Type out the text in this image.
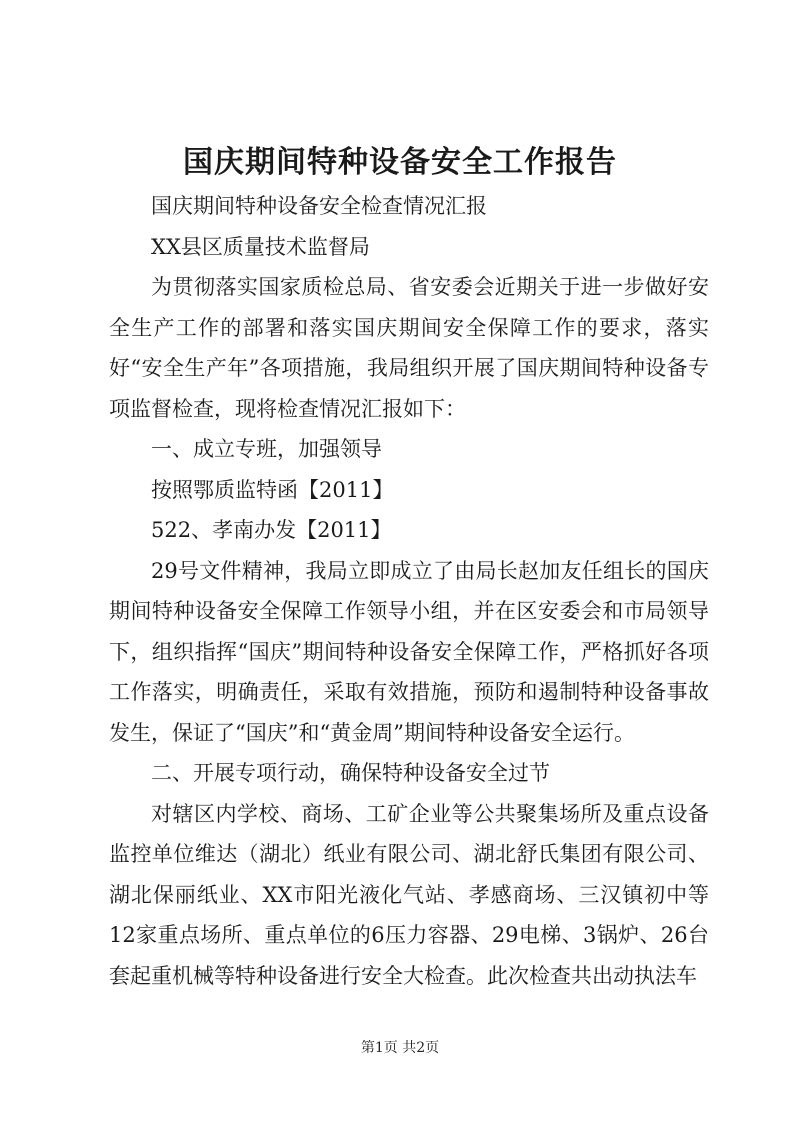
国庆期间特种设备安全工作报告

国庆期间特种设备安全检查情况汇报

XX县区质量技术监督局

为贯彻落实国家质检总局、省安委会近期关于进一步做好安全生产工作的部署和落实国庆期间安全保障工作的要求，落实好“安全生产年”各项措施，我局组织开展了国庆期间特种设备专项监督检查，现将检查情况汇报如下：

一、成立专班，加强领导

按照鄂质监特函【2011】

522、孝南办发【2011】

29号文件精神，我局立即成立了由局长赵加友任组长的国庆期间特种设备安全保障工作领导小组，并在区安委会和市局领导下，组织指挥“国庆”期间特种设备安全保障工作，严格抓好各项工作落实，明确责任，采取有效措施，预防和遏制特种设备事故发生，保证了“国庆”和“黄金周”期间特种设备安全运行。

二、开展专项行动，确保特种设备安全过节

对辖区内学校、商场、工矿企业等公共聚集场所及重点设备监控单位维达（湖北）纸业有限公司、湖北舒氏集团有限公司、湖北保丽纸业、XX市阳光液化气站、孝感商场、三汉镇初中等12家重点场所、重点单位的6压力容器、29电梯、3锅炉、26台套起重机械等特种设备进行安全大检查。此次检查共出动执法车

第1页 共2页
